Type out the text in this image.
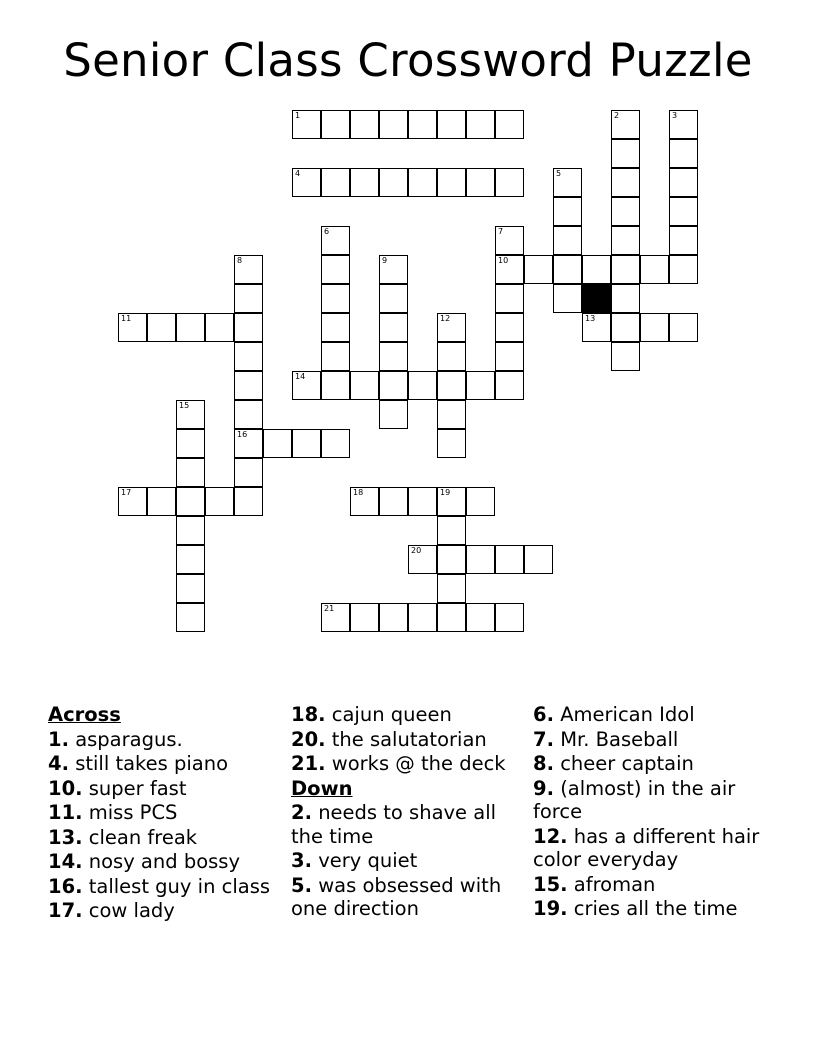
Senior Class Crossword Puzzle
1
4
10
11	13
14
16
17	18	19
20
21
2	3
5
6	7
8	9
12
15
Across
1. asparagus.
4. still takes piano
10. super fast
11. miss PCS
13. clean freak
14. nosy and bossy
16. tallest guy in class
17. cow lady
18. cajun queen
20. the salutatorian
21. works @ the deck
Down
2. needs to shave all the time
3. very quiet
5. was obsessed with one direction
6. American Idol
7. Mr. Baseball
8. cheer captain
9. (almost) in the air force
12. has a different hair color everyday
15. afroman
19. cries all the time
